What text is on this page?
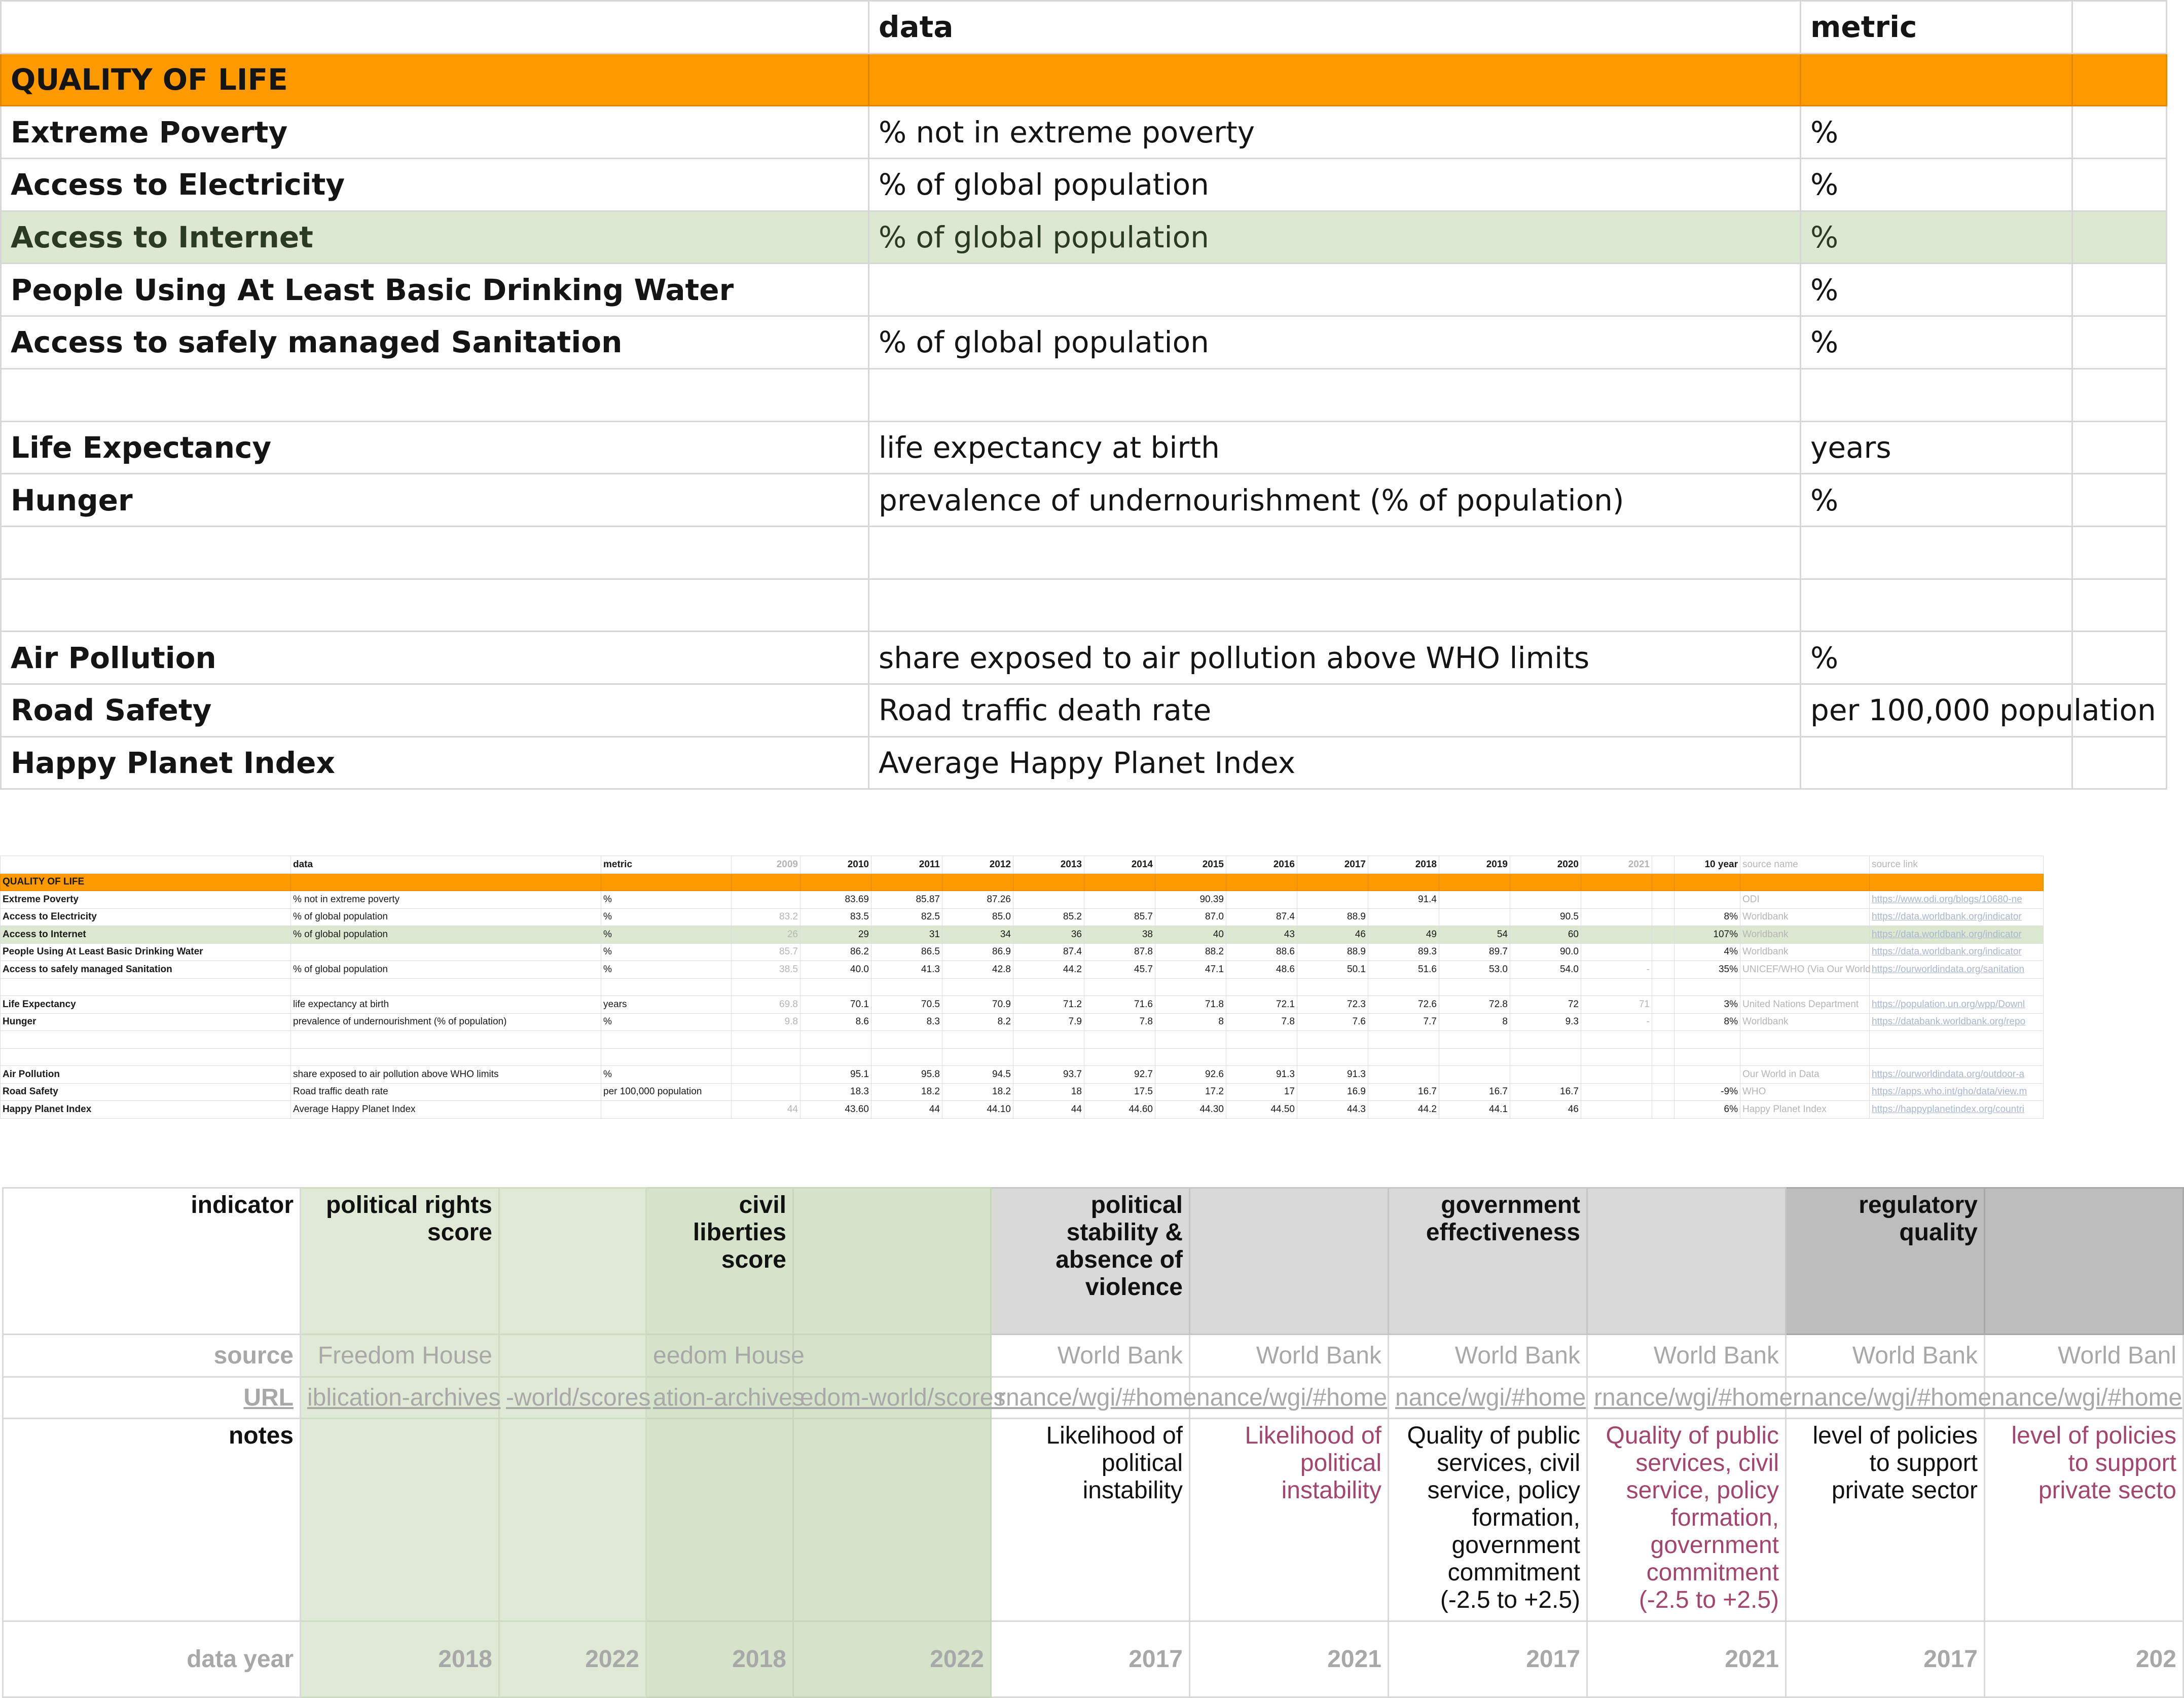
	data	metric	
QUALITY OF LIFE			
Extreme Poverty	% not in extreme poverty	%	
Access to Electricity	% of global population	%	
Access to Internet	% of global population	%	
People Using At Least Basic Drinking Water		%	
Access to safely managed Sanitation	% of global population	%	

Life Expectancy	life expectancy at birth	years	
Hunger	prevalence of undernourishment (% of population)	%	

Air Pollution	share exposed to air pollution above WHO limits	%	
Road Safety	Road traffic death rate	per 100,000 population	
Happy Planet Index	Average Happy Planet Index		
	data	metric	2009	2010	2011	2012	2013	2014	2015	2016	2017	2018	2019	2020	2021		10 year	source name	source link
QUALITY OF LIFE																			
Extreme Poverty	% not in extreme poverty	%		83.69	85.87	87.26			90.39			91.4						ODI	https://www.odi.org/blogs/10680-ne
Access to Electricity	% of global population	%	83.2	83.5	82.5	85.0	85.2	85.7	87.0	87.4	88.9			90.5			8%	Worldbank	https://data.worldbank.org/indicator
Access to Internet	% of global population	%	26	29	31	34	36	38	40	43	46	49	54	60			107%	Worldbank	https://data.worldbank.org/indicator
People Using At Least Basic Drinking Water		%	85.7	86.2	86.5	86.9	87.4	87.8	88.2	88.6	88.9	89.3	89.7	90.0			4%	Worldbank	https://data.worldbank.org/indicator
Access to safely managed Sanitation	% of global population	%	38.5	40.0	41.3	42.8	44.2	45.7	47.1	48.6	50.1	51.6	53.0	54.0	-		35%	UNICEF/WHO (Via Our World	https://ourworldindata.org/sanitation

Life Expectancy	life expectancy at birth	years	69.8	70.1	70.5	70.9	71.2	71.6	71.8	72.1	72.3	72.6	72.8	72	71		3%	United Nations Department	https://population.un.org/wpp/Downl
Hunger	prevalence of undernourishment (% of population)	%	9.8	8.6	8.3	8.2	7.9	7.8	8	7.8	7.6	7.7	8	9.3	-		8%	Worldbank	https://databank.worldbank.org/repo

Air Pollution	share exposed to air pollution above WHO limits	%		95.1	95.8	94.5	93.7	92.7	92.6	91.3	91.3							Our World in Data	https://ourworldindata.org/outdoor-a
Road Safety	Road traffic death rate	per 100,000 population		18.3	18.2	18.2	18	17.5	17.2	17	16.9	16.7	16.7	16.7			-9%	WHO	https://apps.who.int/gho/data/view.m
Happy Planet Index	Average Happy Planet Index		44	43.60	44	44.10	44	44.60	44.30	44.50	44.3	44.2	44.1	46			6%	Happy Planet Index	https://happyplanetindex.org/countri
indicator	political rights score		civil liberties score		political stability & absence of violence		government effectiveness		regulatory quality	
source	Freedom House		eedom House		World Bank	World Bank	World Bank	World Bank	World Bank	World Banl
URL	iblication-archives	-world/scores	ation-archives	edom-world/scores	rnance/wgi/#home	nance/wgi/#home	nance/wgi/#home	rnance/wgi/#home	rnance/wgi/#home	nance/wgi/#home
notes					Likelihood of political instability	Likelihood of political instability	Quality of public services, civil service, policy formation, government commitment (-2.5 to +2.5)	Quality of public services, civil service, policy formation, government commitment (-2.5 to +2.5)	level of policies to support private sector	level of policies to support private secto
data year	2018	2022	2018	2022	2017	2021	2017	2021	2017	202
